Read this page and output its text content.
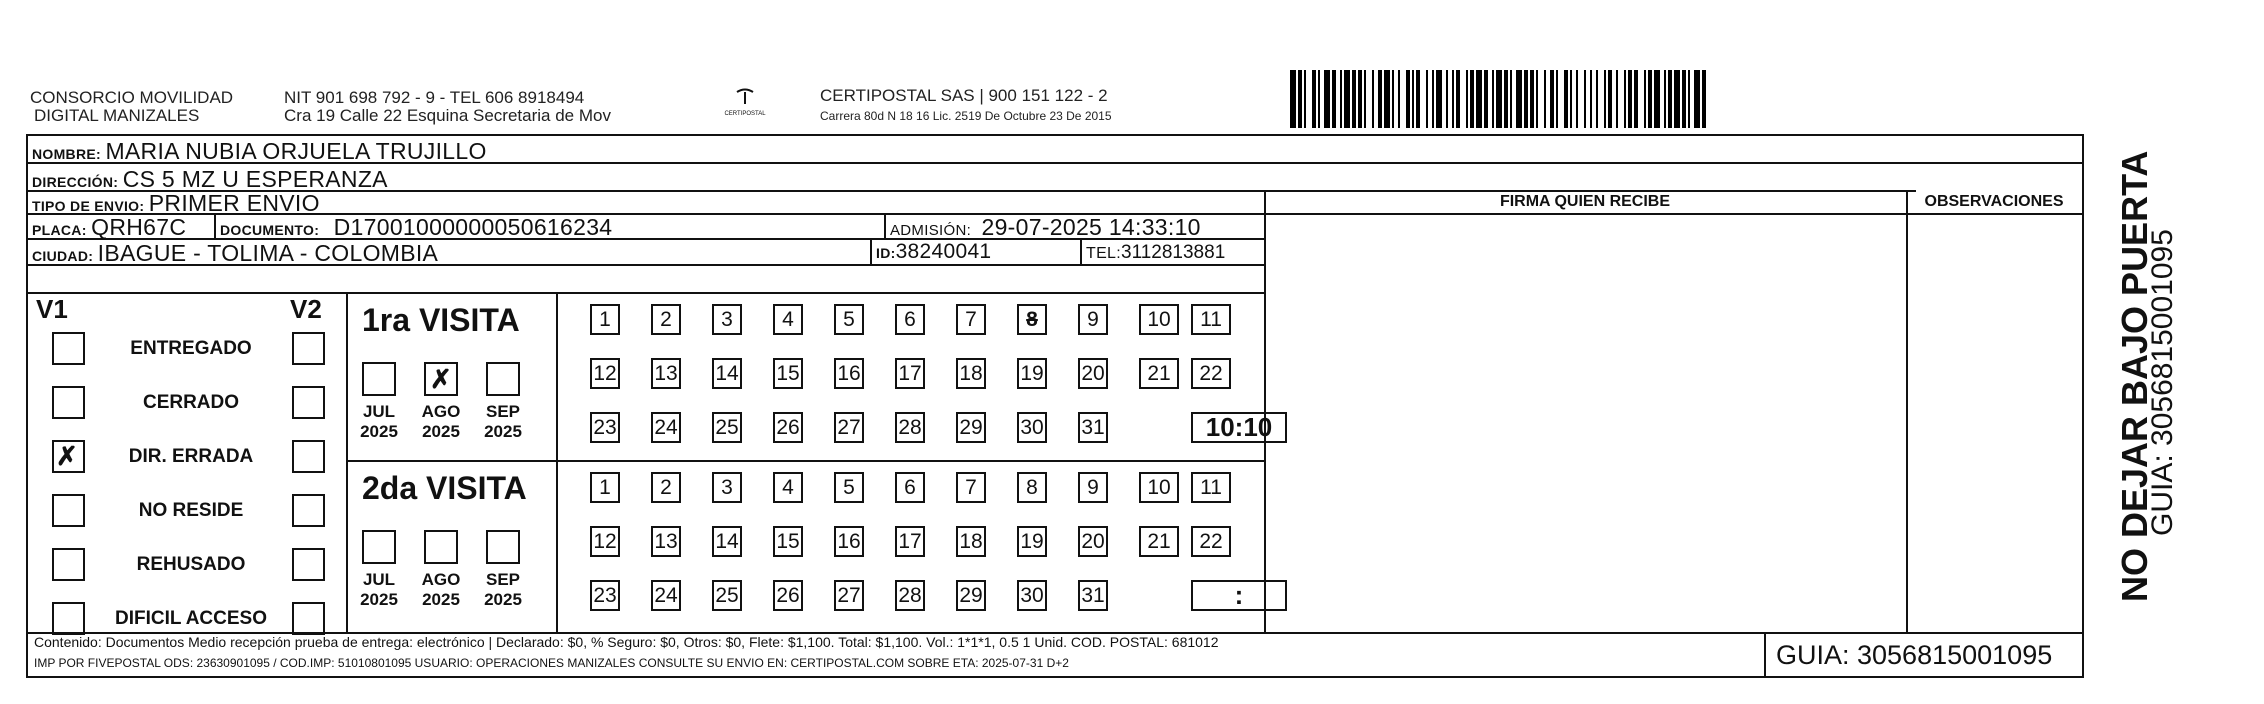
CONSORCIO MOVILIDAD
DIGITAL MANIZALES
NIT 901 698 792 - 9 - TEL 606 8918494
Cra 19 Calle 22 Esquina Secretaria de Mov	CERTIPOSTAL
CERTIPOSTAL SAS | 900 151 122 - 2
Carrera 80d N 18 16 Lic. 2519 De Octubre 23 De 2015
NOMBRE: MARIA NUBIA ORJUELA TRUJILLO
DIRECCIÓN: CS 5 MZ U ESPERANZA
TIPO DE ENVIO: PRIMER ENVIO
PLACA: QRH67C DOCUMENTO: D17001000000050616234	ADMISIÓN: 29-07-2025 14:33:10
CIUDAD: IBAGUE - TOLIMA - COLOMBIA	ID:38240041	TEL:3112813881
FIRMA QUIEN RECIBE	OBSERVACIONES
V1	V2
ENTREGADO
CERRADO
✗	DIR. ERRADA
NO RESIDE
REHUSADO
DIFICIL ACCESO
1ra VISITA
2da VISITA
JUL
2025
✗
AGO
2025
SEP
2025
JUL
2025
AGO
2025
SEP
2025
1	2	3	4	5	6	7	8	9	10	11
12 13 14 15 16 17 18 19 20	21	22
23 24 25 26 27 28 29 30 31	10:10
1	2	3	4	5	6	7	8	9	10	11
12 13 14 15 16 17 18 19 20	21	22
23 24 25 26 27 28 29 30 31	:
Contenido: Documentos Medio recepción prueba de entrega: electrónico | Declarado: $0, % Seguro: $0, Otros: $0, Flete: $1,100. Total: $1,100. Vol.: 1*1*1, 0.5 1 Unid. COD. POSTAL: 681012
IMP POR FIVEPOSTAL ODS: 23630901095 / COD.IMP: 51010801095 USUARIO: OPERACIONES MANIZALES CONSULTE SU ENVIO EN: CERTIPOSTAL.COM SOBRE ETA: 2025-07-31 D+2	GUIA: 3056815001095
NO DEJAR BAJO PUERTA
GUIA: 3056815001095
